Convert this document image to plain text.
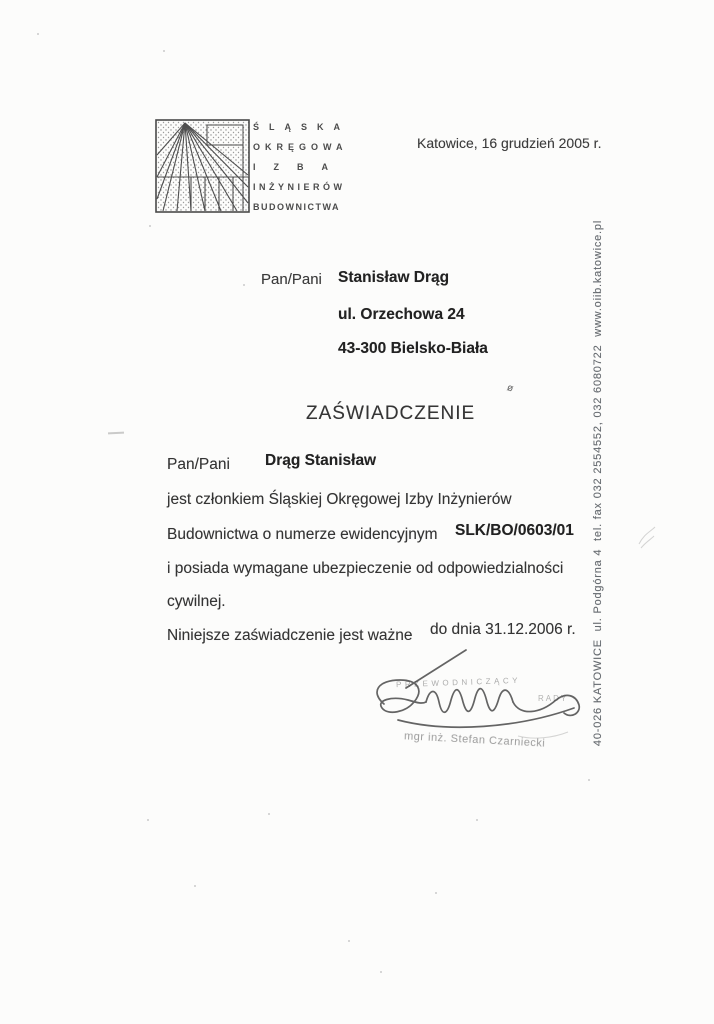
ŚLĄSKA
OKRĘGOWA
IZBA
INŻYNIERÓW
BUDOWNICTWA
Katowice, 16 grudzień 2005 r.
Pan/Pani Stanisław Drąg
ul. Orzechowa 24
43-300 Bielsko-Biała
ZAŚWIADCZENIE
ø
Pan/Pani Drąg Stanisław
jest członkiem Śląskiej Okręgowej Izby Inżynierów
Budownictwa o numerze ewidencyjnym SLK/BO/0603/01
i posiada wymagane ubezpieczenie od odpowiedzialności
cywilnej.
Niniejsze zaświadczenie jest ważne do dnia 31.12.2006 r.
PRZEWODNICZĄCY
RADY
mgr inż. Stefan Czarniecki	40-026 KATOWICE  ul. Podgórna 4  tel. fax 032 2554552, 032 6080722  www.oiib.katowice.pl
